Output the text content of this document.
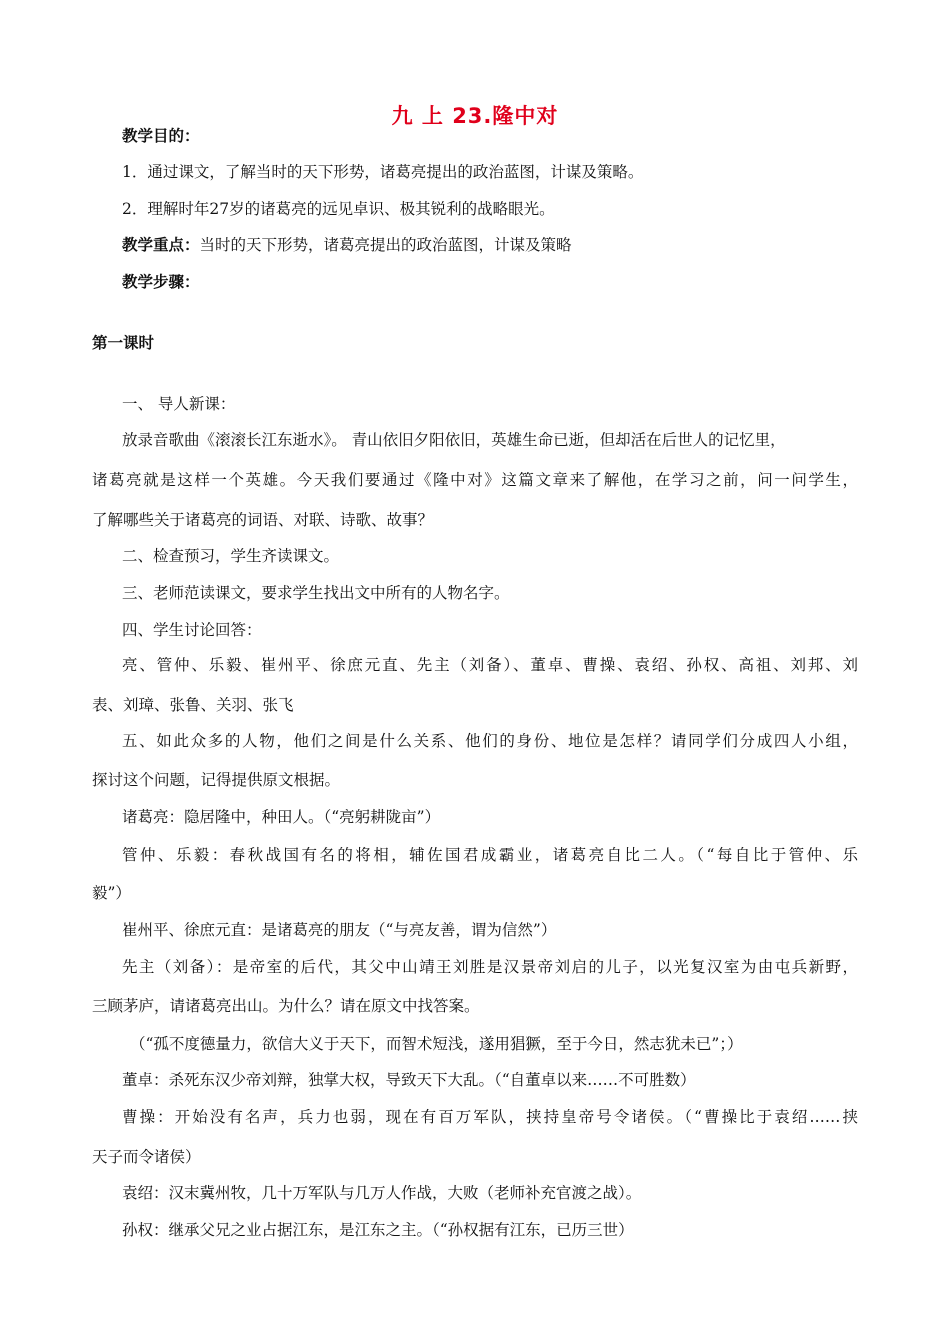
九 上 23.隆中对
教学目的：
1．通过课文，了解当时的天下形势，诸葛亮提出的政治蓝图，计谋及策略。
2．理解时年27岁的诸葛亮的远见卓识、极其锐利的战略眼光。
教学重点：当时的天下形势，诸葛亮提出的政治蓝图，计谋及策略
教学步骤：
第一课时
一、 导人新课：
放录音歌曲《滚滚长江东逝水》。 青山依旧夕阳依旧，英雄生命已逝，但却活在后世人的记忆里，
诸葛亮就是这样一个英雄。今天我们要通过《隆中对》这篇文章来了解他，在学习之前，问一问学生，
了解哪些关于诸葛亮的词语、对联、诗歌、故事？
二、检查预习，学生齐读课文。
三、老师范读课文，要求学生找出文中所有的人物名字。
四、学生讨论回答：
亮、管仲、乐毅、崔州平、徐庶元直、先主（刘备）、董卓、曹操、袁绍、孙权、高祖、刘邦、刘
表、刘璋、张鲁、关羽、张飞
五、如此众多的人物，他们之间是什么关系、他们的身份、地位是怎样？请同学们分成四人小组，
探讨这个问题，记得提供原文根据。
诸葛亮：隐居隆中，种田人。（“亮躬耕陇亩”）
管仲、乐毅：春秋战国有名的将相，辅佐国君成霸业，诸葛亮自比二人。（“每自比于管仲、乐
毅”）
崔州平、徐庶元直：是诸葛亮的朋友（“与亮友善，谓为信然”）
先主（刘备）：是帝室的后代，其父中山靖王刘胜是汉景帝刘启的儿子，以光复汉室为由屯兵新野，
三顾茅庐，请诸葛亮出山。为什么？请在原文中找答案。
（“孤不度德量力，欲信大义于天下，而智术短浅，遂用猖獗，至于今日，然志犹未已”；）
董卓：杀死东汉少帝刘辩，独掌大权，导致天下大乱。（“自董卓以来……不可胜数）
曹操：开始没有名声，兵力也弱，现在有百万军队，挟持皇帝号令诸侯。（“曹操比于袁绍……挟
天子而令诸侯）
袁绍：汉末冀州牧，几十万军队与几万人作战，大败（老师补充官渡之战）。
孙权：继承父兄之业占据江东，是江东之主。（“孙权据有江东，已历三世）
